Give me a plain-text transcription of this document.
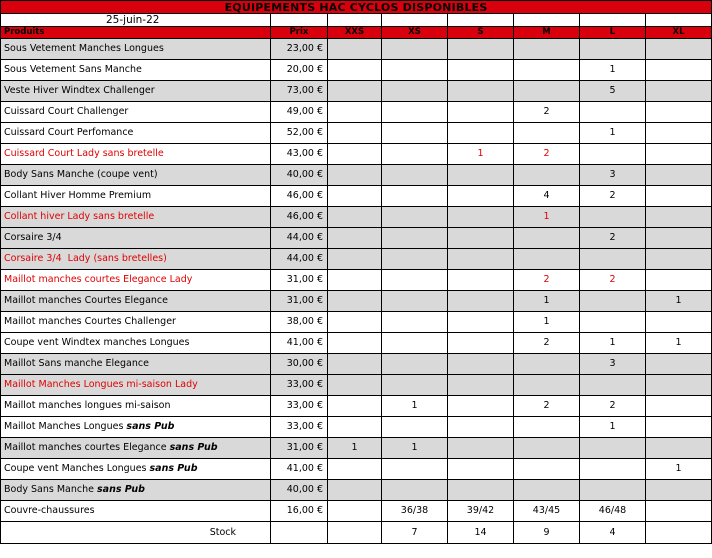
EQUIPEMENTS HAC CYCLOS DISPONIBLES							
25-juin-22							
Produits	Prix	XXS	XS	S	M	L	XL
Sous Vetement Manches Longues	23,00 €						
Sous Vetement Sans Manche	20,00 €					1	
Veste Hiver Windtex Challenger	73,00 €					5	
Cuissard Court Challenger	49,00 €				2		
Cuissard Court Perfomance	52,00 €					1	
Cuissard Court Lady sans bretelle	43,00 €			1	2		
Body Sans Manche (coupe vent)	40,00 €					3	
Collant Hiver Homme Premium	46,00 €				4	2	
Collant hiver Lady sans bretelle	46,00 €				1		
Corsaire 3/4	44,00 €					2	
Corsaire 3/4  Lady (sans bretelles)	44,00 €						
Maillot manches courtes Elegance Lady	31,00 €				2	2	
Maillot manches Courtes Elegance	31,00 €				1		1
Maillot manches Courtes Challenger	38,00 €				1		
Coupe vent Windtex manches Longues	41,00 €				2	1	1
Maillot Sans manche Elegance	30,00 €					3	
Maillot Manches Longues mi-saison Lady	33,00 €						
Maillot manches longues mi-saison	33,00 €		1		2	2	
Maillot Manches Longues sans Pub	33,00 €					1	
Maillot manches courtes Elegance sans Pub	31,00 €	1	1				
Coupe vent Manches Longues sans Pub	41,00 €						1
Body Sans Manche sans Pub	40,00 €						
Couvre-chaussures	16,00 €		36/38	39/42	43/45	46/48	
Stock			7	14	9	4	
